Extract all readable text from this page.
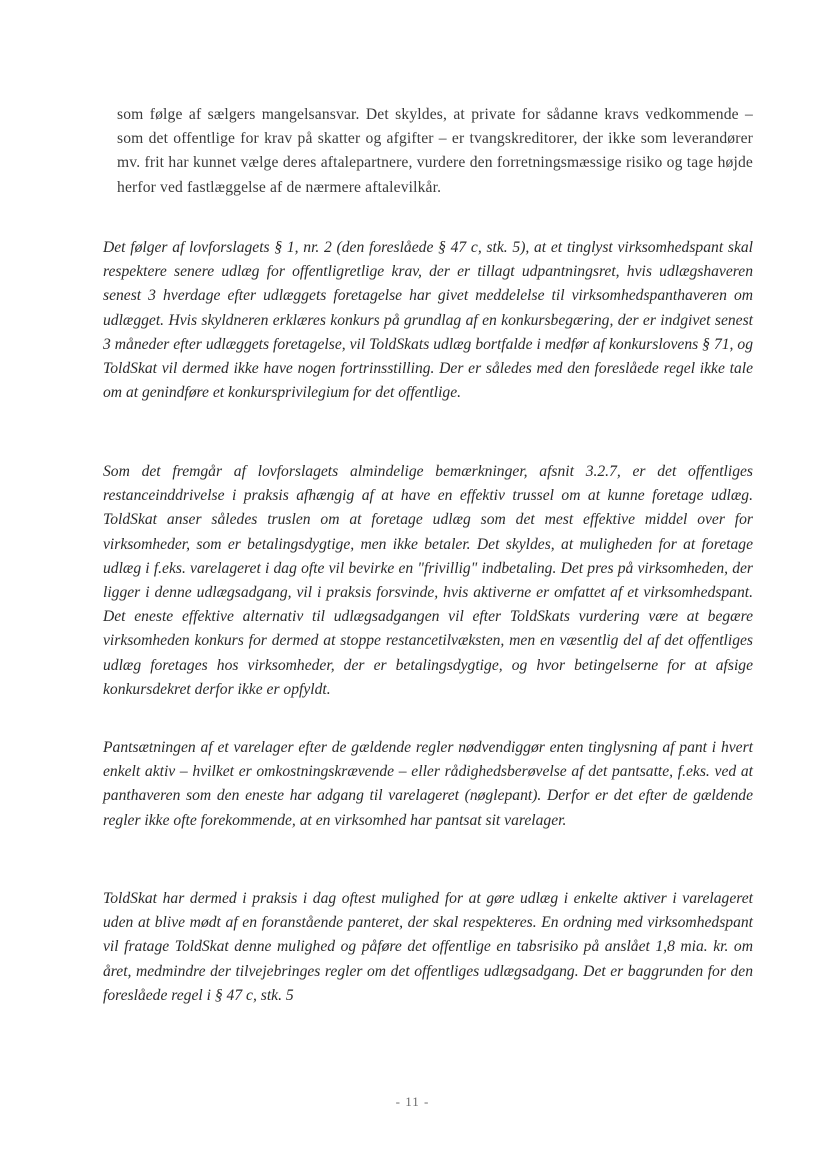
som følge af sælgers mangelsansvar. Det skyldes, at private for sådanne kravs vedkommende – som det offentlige for krav på skatter og afgifter – er tvangskreditorer, der ikke som leverandører mv. frit har kunnet vælge deres aftalepartnere, vurdere den forretningsmæssige risiko og tage højde herfor ved fastlæggelse af de nærmere aftalevilkår.

Det følger af lovforslagets § 1, nr. 2 (den foreslåede § 47 c, stk. 5), at et tinglyst virksomhedspant skal respektere senere udlæg for offentligretlige krav, der er tillagt udpantningsret, hvis udlægshaveren senest 3 hverdage efter udlæggets foretagelse har givet meddelelse til virksomhedspanthaveren om udlægget. Hvis skyldneren erklæres konkurs på grundlag af en konkursbegæring, der er indgivet senest 3 måneder efter udlæggets foretagelse, vil ToldSkats udlæg bortfalde i medfør af konkurslovens § 71, og ToldSkat vil dermed ikke have nogen fortrinsstilling. Der er således med den foreslåede regel ikke tale om at genindføre et konkursprivilegium for det offentlige.

Som det fremgår af lovforslagets almindelige bemærkninger, afsnit 3.2.7, er det offentliges restanceinddrivelse i praksis afhængig af at have en effektiv trussel om at kunne foretage udlæg. ToldSkat anser således truslen om at foretage udlæg som det mest effektive middel over for virksomheder, som er betalingsdygtige, men ikke betaler. Det skyldes, at muligheden for at foretage udlæg i f.eks. varelageret i dag ofte vil bevirke en "frivillig" indbetaling. Det pres på virksomheden, der ligger i denne udlægsadgang, vil i praksis forsvinde, hvis aktiverne er omfattet af et virksomhedspant. Det eneste effektive alternativ til udlægsadgangen vil efter ToldSkats vurdering være at begære virksomheden konkurs for dermed at stoppe restancetilvæksten, men en væsentlig del af det offentliges udlæg foretages hos virksomheder, der er betalingsdygtige, og hvor betingelserne for at afsige konkursdekret derfor ikke er opfyldt.

Pantsætningen af et varelager efter de gældende regler nødvendiggør enten tinglysning af pant i hvert enkelt aktiv – hvilket er omkostningskrævende – eller rådighedsberøvelse af det pantsatte, f.eks. ved at panthaveren som den eneste har adgang til varelageret (nøglepant). Derfor er det efter de gældende regler ikke ofte forekommende, at en virksomhed har pantsat sit varelager.

ToldSkat har dermed i praksis i dag oftest mulighed for at gøre udlæg i enkelte aktiver i varelageret uden at blive mødt af en foranstående panteret, der skal respekteres. En ordning med virksomhedspant vil fratage ToldSkat denne mulighed og påføre det offentlige en tabsrisiko på anslået 1,8 mia. kr. om året, medmindre der tilvejebringes regler om det offentliges udlægsadgang. Det er baggrunden for den foreslåede regel i § 47 c, stk. 5

- 11 -
